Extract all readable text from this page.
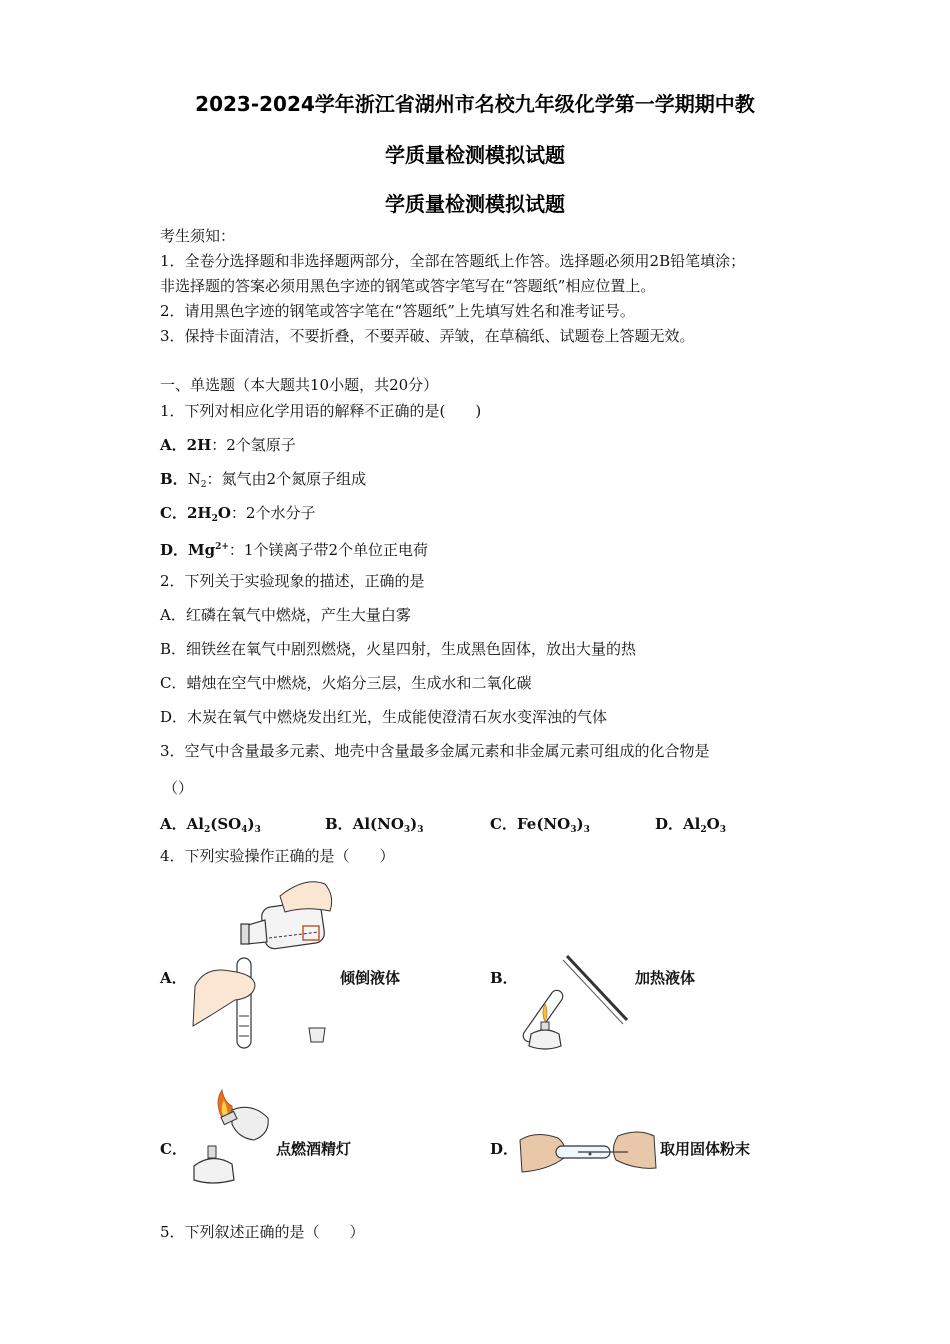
2023-2024学年浙江省湖州市名校九年级化学第一学期期中教
学质量检测模拟试题
学质量检测模拟试题
考生须知：
1．全卷分选择题和非选择题两部分，全部在答题纸上作答。选择题必须用2B铅笔填涂；
非选择题的答案必须用黑色字迹的钢笔或答字笔写在“答题纸”相应位置上。
2．请用黑色字迹的钢笔或答字笔在“答题纸”上先填写姓名和准考证号。
3．保持卡面清洁，不要折叠，不要弄破、弄皱，在草稿纸、试题卷上答题无效。
一、单选题（本大题共10小题，共20分）
1．下列对相应化学用语的解释不正确的是(　　)
A．2H：2个氢原子
B．$N_2$：氮气由2个氮原子组成
C．$2H_2O$：2个水分子
D．$Mg^{2+}$：1个镁离子带2个单位正电荷
2．下列关于实验现象的描述，正确的是
A．红磷在氧气中燃烧，产生大量白雾
B．细铁丝在氧气中剧烈燃烧，火星四射，生成黑色固体，放出大量的热
C．蜡烛在空气中燃烧，火焰分三层，生成水和二氧化碳
D．木炭在氧气中燃烧发出红光，生成能使澄清石灰水变浑浊的气体
3．空气中含量最多元素、地壳中含量最多金属元素和非金属元素可组成的化合物是
（）
A．$Al_2(SO_4)_3$	B．$Al(NO_3)_3$	C．$Fe(NO_3)_3$	D．$Al_2O_3$
4．下列实验操作正确的是（　　）
A．	倾倒液体	B．	加热液体
C．	点燃酒精灯	D．	取用固体粉末
5．下列叙述正确的是（　　）
